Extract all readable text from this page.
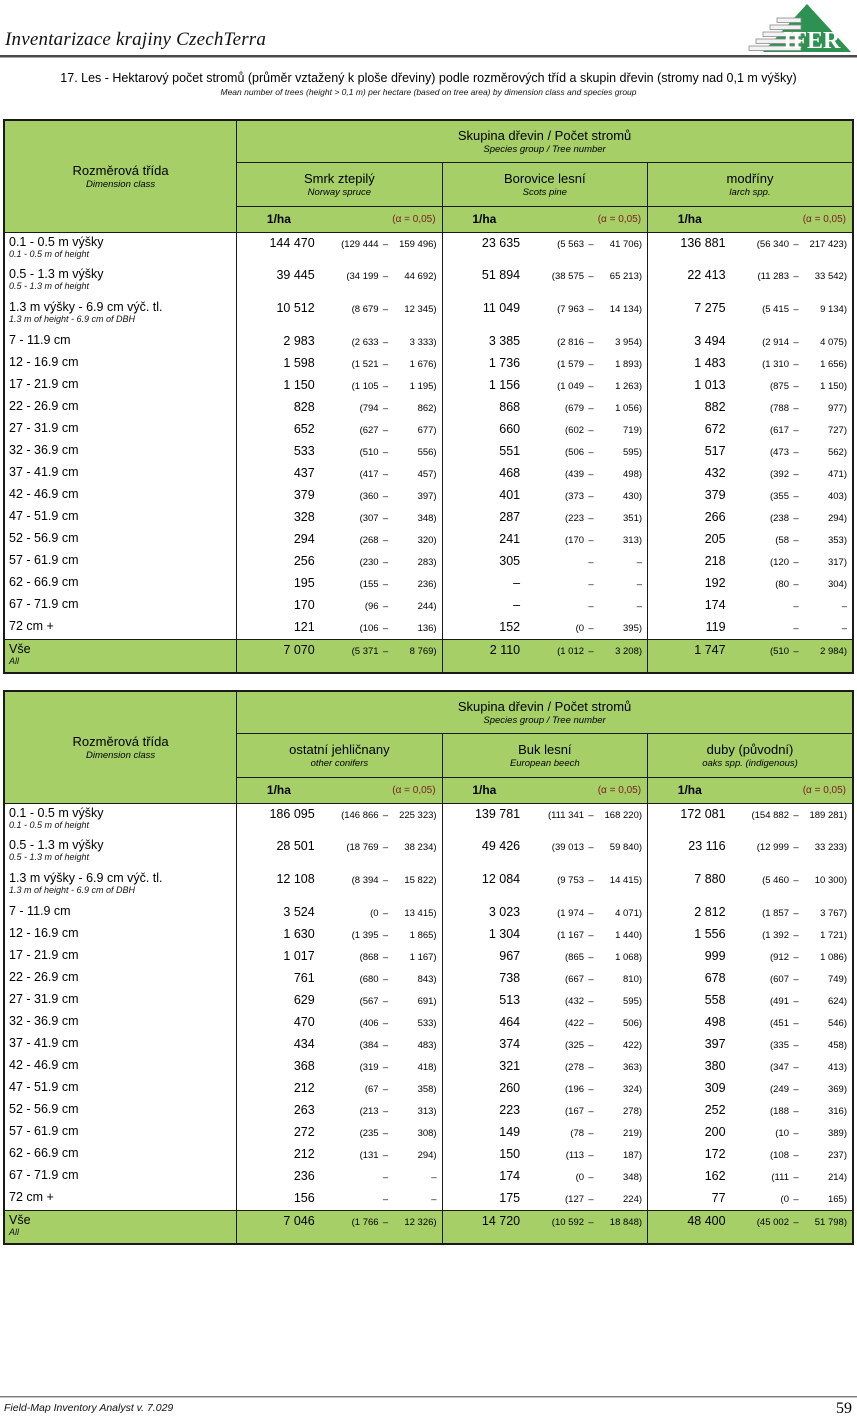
Inventarizace krajiny CzechTerra	IFER
17. Les - Hektarový počet stromů (průměr vztažený k ploše dřeviny) podle rozměrových tříd a skupin dřevin (stromy nad 0,1 m výšky)
Mean number of trees (height > 0,1 m) per hectare (based on tree area) by dimension class and species group
Rozměrová třída
Dimension class

Skupina dřevin / Počet stromů
Species group / Tree number

Smrk ztepilý
Norway spruce

Borovice lesní
Scots pine

modříny
larch spp.

	1/ha	(α = 0,05)	1/ha	(α = 0,05)	1/ha	(α = 0,05)

0.1 - 0.5 m výšky
0.1 - 0.5 m of height
	144 470	(129 444 –	159 496)	23 635	(5 563 –	41 706)	136 881	(56 340 –	217 423)

0.5 - 1.3 m výšky
0.5 - 1.3 m of height
	39 445	(34 199 –	44 692)	51 894	(38 575 –	65 213)	22 413	(11 283 –	33 542)

1.3 m výšky - 6.9 cm výč. tl.
1.3 m of height - 6.9 cm of DBH
	10 512	(8 679 –	12 345)	11 049	(7 963 –	14 134)	7 275	(5 415 –	9 134)

7 - 11.9 cm	2 983	(2 633 – 3 333)	3 385	(2 816 – 3 954)	3 494	(2 914 – 4 075)

12 - 16.9 cm	1 598	(1 521 – 1 676)	1 736	(1 579 – 1 893)	1 483	(1 310 – 1 656)

17 - 21.9 cm	1 150	(1 105 – 1 195)	1 156	(1 049 – 1 263)	1 013	(875 – 1 150)

22 - 26.9 cm	828	(794 – 862)	868	(679 – 1 056)	882	(788 – 977)

27 - 31.9 cm	652	(627 – 677)	660	(602 – 719)	672	(617 – 727)

32 - 36.9 cm	533	(510 – 556)	551	(506 – 595)	517	(473 – 562)

37 - 41.9 cm	437	(417 – 457)	468	(439 – 498)	432	(392 – 471)

42 - 46.9 cm	379	(360 – 397)	401	(373 – 430)	379	(355 – 403)

47 - 51.9 cm	328	(307 – 348)	287	(223 – 351)	266	(238 – 294)

52 - 56.9 cm	294	(268 – 320)	241	(170 – 313)	205	(58 – 353)

57 - 61.9 cm	256	(230 – 283)	305	– –	218	(120 – 317)

62 - 66.9 cm	195	(155 – 236)	–	– –	192	(80 – 304)

67 - 71.9 cm	170	(96 – 244)	–	– –	174	– –

72 cm +	121	(106 – 136)	152	(0 – 395)	119	– –

Vše
All
	7 070	(5 371 –	8 769)	2 110	(1 012 –	3 208)	1 747	(510 –	2 984)
Rozměrová třída
Dimension class

Skupina dřevin / Počet stromů
Species group / Tree number

ostatní jehličnany
other conifers

Buk lesní
European beech

duby (původní)
oaks spp. (indigenous)

	1/ha	(α = 0,05)	1/ha	(α = 0,05)	1/ha	(α = 0,05)

0.1 - 0.5 m výšky
0.1 - 0.5 m of height
	186 095	(146 866 –	225 323)	139 781	(111 341 –	168 220)	172 081	(154 882 –	189 281)

0.5 - 1.3 m výšky
0.5 - 1.3 m of height
	28 501	(18 769 –	38 234)	49 426	(39 013 –	59 840)	23 116	(12 999 –	33 233)

1.3 m výšky - 6.9 cm výč. tl.
1.3 m of height - 6.9 cm of DBH
	12 108	(8 394 –	15 822)	12 084	(9 753 –	14 415)	7 880	(5 460 –	10 300)

7 - 11.9 cm	3 524	(0 – 13 415)	3 023	(1 974 – 4 071)	2 812	(1 857 – 3 767)

12 - 16.9 cm	1 630	(1 395 – 1 865)	1 304	(1 167 – 1 440)	1 556	(1 392 – 1 721)

17 - 21.9 cm	1 017	(868 – 1 167)	967	(865 – 1 068)	999	(912 – 1 086)

22 - 26.9 cm	761	(680 – 843)	738	(667 – 810)	678	(607 – 749)

27 - 31.9 cm	629	(567 – 691)	513	(432 – 595)	558	(491 – 624)

32 - 36.9 cm	470	(406 – 533)	464	(422 – 506)	498	(451 – 546)

37 - 41.9 cm	434	(384 – 483)	374	(325 – 422)	397	(335 – 458)

42 - 46.9 cm	368	(319 – 418)	321	(278 – 363)	380	(347 – 413)

47 - 51.9 cm	212	(67 – 358)	260	(196 – 324)	309	(249 – 369)

52 - 56.9 cm	263	(213 – 313)	223	(167 – 278)	252	(188 – 316)

57 - 61.9 cm	272	(235 – 308)	149	(78 – 219)	200	(10 – 389)

62 - 66.9 cm	212	(131 – 294)	150	(113 – 187)	172	(108 – 237)

67 - 71.9 cm	236	– –	174	(0 – 348)	162	(111 – 214)

72 cm +	156	– –	175	(127 – 224)	77	(0 – 165)

Vše
All
	7 046	(1 766 –	12 326)	14 720	(10 592 –	18 848)	48 400	(45 002 –	51 798)
Field-Map Inventory Analyst v. 7.029	59
